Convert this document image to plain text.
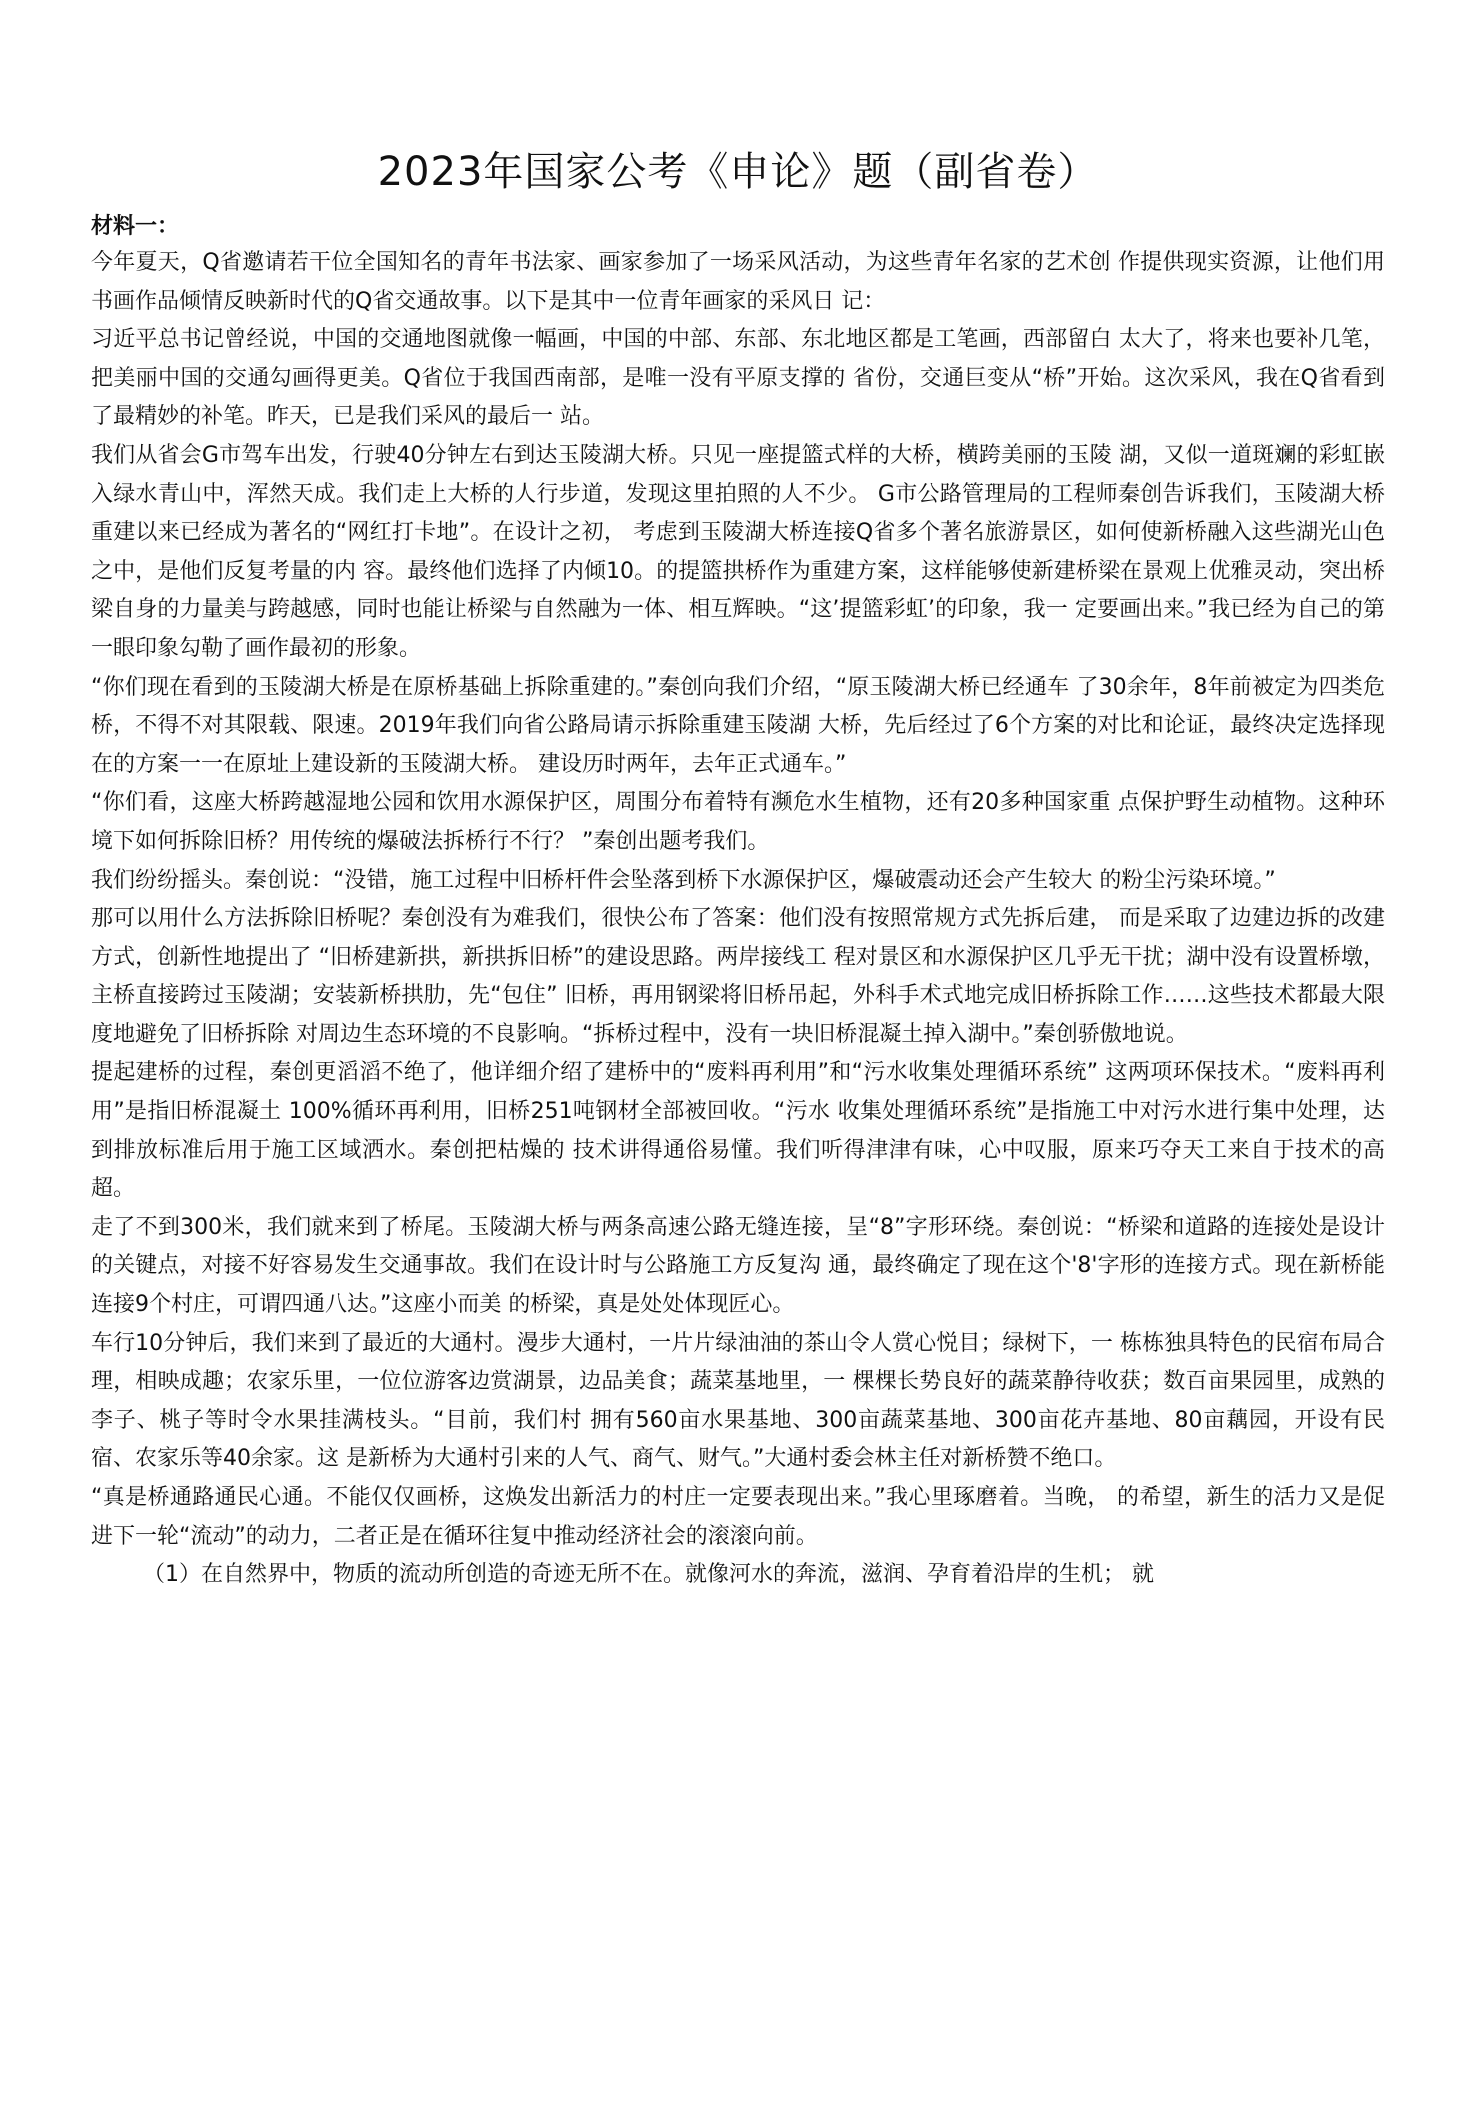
2023年国家公考《申论》题（副省卷）
材料一：

今年夏天，Q省邀请若干位全国知名的青年书法家、画家参加了一场采风活动，为这些青年名家的艺术创 作提供现实资源，让他们用书画作品倾情反映新时代的Q省交通故事。以下是其中一位青年画家的采风日 记：

习近平总书记曾经说，中国的交通地图就像一幅画，中国的中部、东部、东北地区都是工笔画，西部留白 太大了，将来也要补几笔，把美丽中国的交通勾画得更美。Q省位于我国西南部，是唯一没有平原支撑的 省份，交通巨变从“桥”开始。这次采风，我在Q省看到了最精妙的补笔。昨天，已是我们采风的最后一 站。

我们从省会G市驾车出发，行驶40分钟左右到达玉陵湖大桥。只见一座提篮式样的大桥，横跨美丽的玉陵 湖，又似一道斑斓的彩虹嵌入绿水青山中，浑然天成。我们走上大桥的人行步道，发现这里拍照的人不少。 G市公路管理局的工程师秦创告诉我们，玉陵湖大桥重建以来已经成为著名的“网红打卡地”。在设计之初， 考虑到玉陵湖大桥连接Q省多个著名旅游景区，如何使新桥融入这些湖光山色之中，是他们反复考量的内 容。最终他们选择了内倾10。的提篮拱桥作为重建方案，这样能够使新建桥梁在景观上优雅灵动，突出桥 梁自身的力量美与跨越感，同时也能让桥梁与自然融为一体、相互辉映。“这’提篮彩虹’的印象，我一 定要画出来。”我已经为自己的第一眼印象勾勒了画作最初的形象。

“你们现在看到的玉陵湖大桥是在原桥基础上拆除重建的。”秦创向我们介绍，“原玉陵湖大桥已经通车 了30余年，8年前被定为四类危桥，不得不对其限载、限速。2019年我们向省公路局请示拆除重建玉陵湖 大桥，先后经过了6个方案的对比和论证，最终决定选择现在的方案一一在原址上建设新的玉陵湖大桥。 建设历时两年，去年正式通车。”

“你们看，这座大桥跨越湿地公园和饮用水源保护区，周围分布着特有濒危水生植物，还有20多种国家重 点保护野生动植物。这种环境下如何拆除旧桥？用传统的爆破法拆桥行不行？ ”秦创出题考我们。

我们纷纷摇头。秦创说：“没错，施工过程中旧桥杆件会坠落到桥下水源保护区，爆破震动还会产生较大 的粉尘污染环境。”

那可以用什么方法拆除旧桥呢？秦创没有为难我们，很快公布了答案：他们没有按照常规方式先拆后建， 而是采取了边建边拆的改建方式，创新性地提出了 “旧桥建新拱，新拱拆旧桥”的建设思路。两岸接线工 程对景区和水源保护区几乎无干扰；湖中没有设置桥墩，主桥直接跨过玉陵湖；安装新桥拱肋，先“包住” 旧桥，再用钢梁将旧桥吊起，外科手术式地完成旧桥拆除工作……这些技术都最大限度地避免了旧桥拆除 对周边生态环境的不良影响。“拆桥过程中，没有一块旧桥混凝土掉入湖中。”秦创骄傲地说。

提起建桥的过程，秦创更滔滔不绝了，他详细介绍了建桥中的“废料再利用”和“污水收集处理循环系统” 这两项环保技术。“废料再利用”是指旧桥混凝土 100%循环再利用，旧桥251吨钢材全部被回收。“污水 收集处理循环系统”是指施工中对污水进行集中处理，达到排放标准后用于施工区域洒水。秦创把枯燥的 技术讲得通俗易懂。我们听得津津有味，心中叹服，原来巧夺天工来自于技术的高超。

走了不到300米，我们就来到了桥尾。玉陵湖大桥与两条高速公路无缝连接，呈“8”字形环绕。秦创说：“桥梁和道路的连接处是设计的关键点，对接不好容易发生交通事故。我们在设计时与公路施工方反复沟 通，最终确定了现在这个'8'字形的连接方式。现在新桥能连接9个村庄，可谓四通八达。”这座小而美 的桥梁，真是处处体现匠心。

车行10分钟后，我们来到了最近的大通村。漫步大通村，一片片绿油油的茶山令人赏心悦目；绿树下，一 栋栋独具特色的民宿布局合理，相映成趣；农家乐里，一位位游客边赏湖景，边品美食；蔬菜基地里，一 棵棵长势良好的蔬菜静待收获；数百亩果园里，成熟的李子、桃子等时令水果挂满枝头。“目前，我们村 拥有560亩水果基地、300亩蔬菜基地、300亩花卉基地、80亩藕园，开设有民宿、农家乐等40余家。这 是新桥为大通村引来的人气、商气、财气。”大通村委会林主任对新桥赞不绝口。

“真是桥通路通民心通。不能仅仅画桥，这焕发出新活力的村庄一定要表现出来。”我心里琢磨着。当晚， 的希望，新生的活力又是促进下一轮“流动”的动力，二者正是在循环往复中推动经济社会的滚滚向前。

（1）在自然界中，物质的流动所创造的奇迹无所不在。就像河水的奔流，滋润、孕育着沿岸的生机； 就
